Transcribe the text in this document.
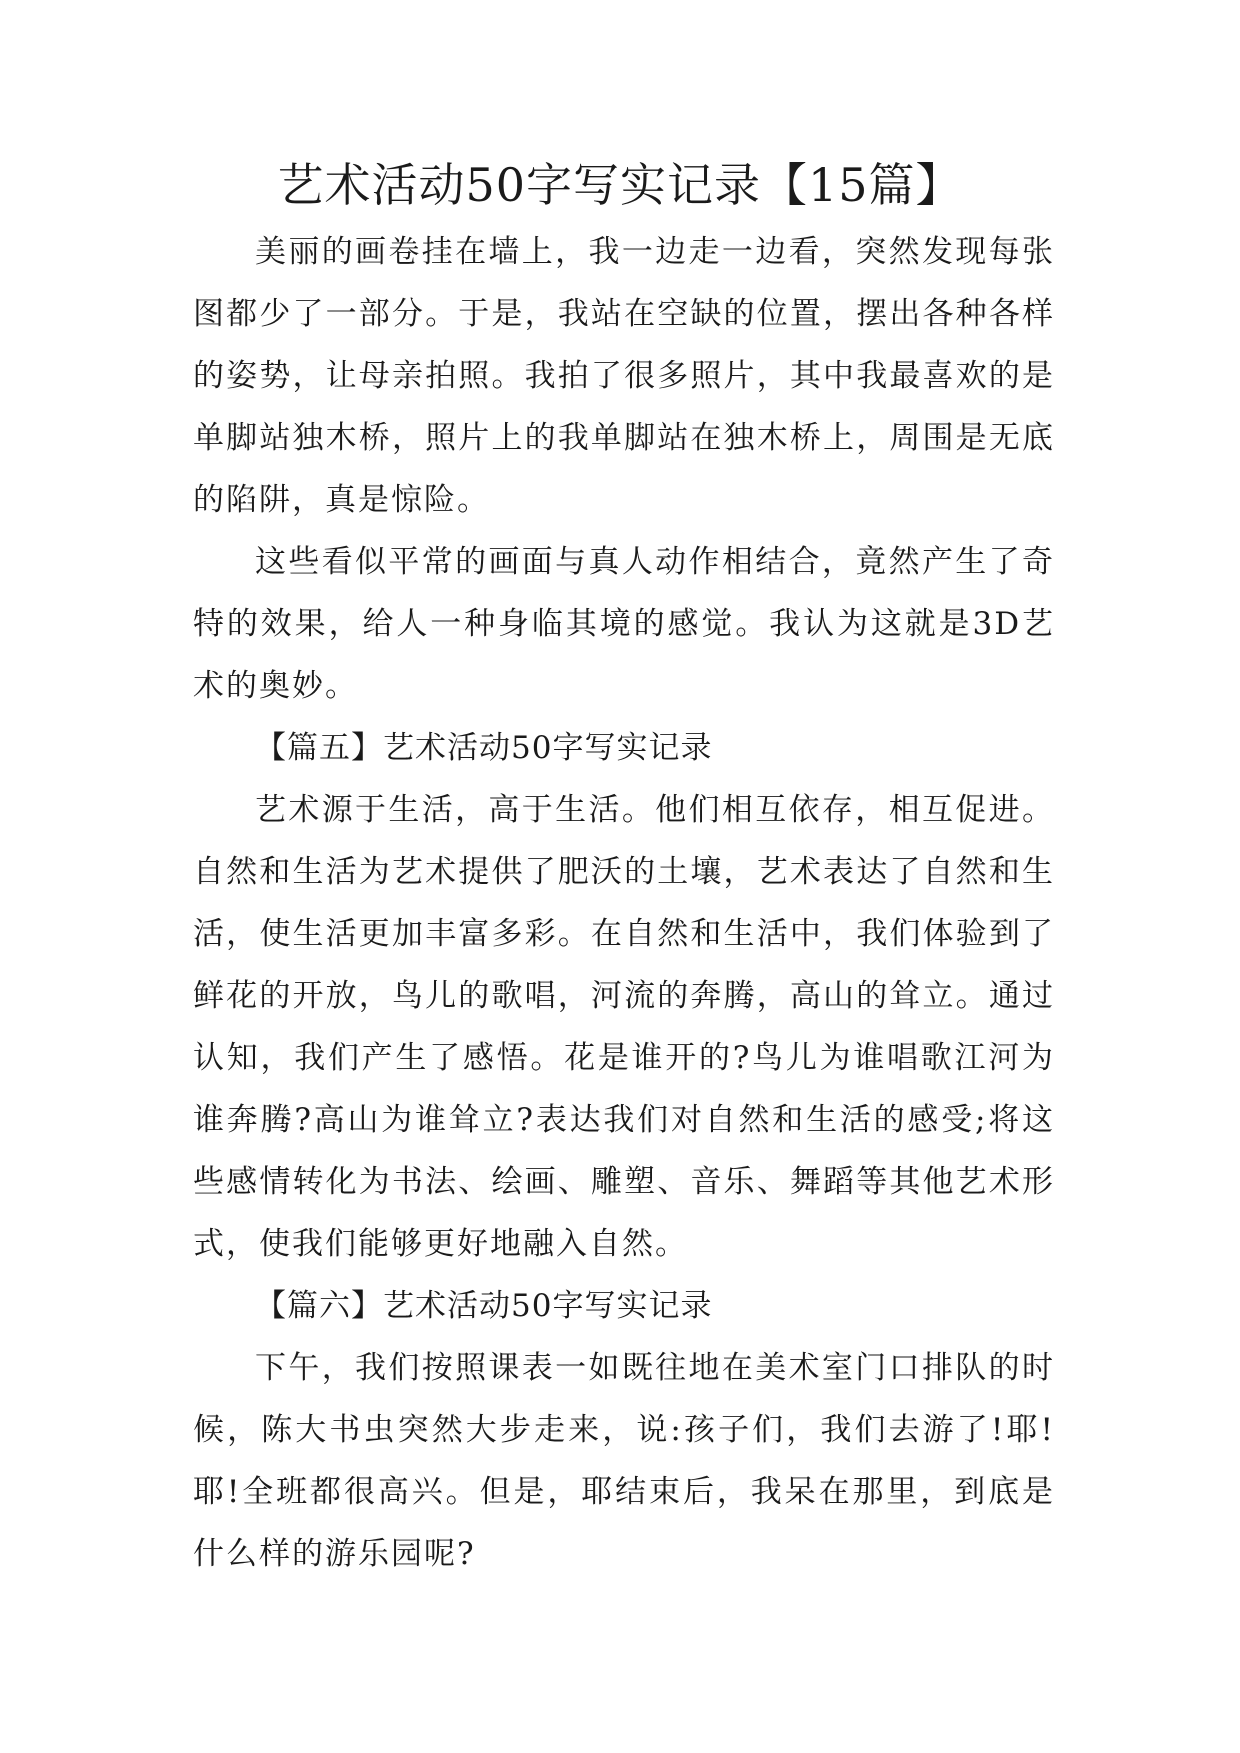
艺术活动50字写实记录【15篇】

美丽的画卷挂在墙上，我一边走一边看，突然发现每张图都少了一部分。于是，我站在空缺的位置，摆出各种各样的姿势，让母亲拍照。我拍了很多照片，其中我最喜欢的是单脚站独木桥，照片上的我单脚站在独木桥上，周围是无底的陷阱，真是惊险。

这些看似平常的画面与真人动作相结合，竟然产生了奇特的效果，给人一种身临其境的感觉。我认为这就是3D艺术的奥妙。

【篇五】艺术活动50字写实记录

艺术源于生活，高于生活。他们相互依存，相互促进。自然和生活为艺术提供了肥沃的土壤，艺术表达了自然和生活，使生活更加丰富多彩。在自然和生活中，我们体验到了鲜花的开放，鸟儿的歌唱，河流的奔腾，高山的耸立。通过认知，我们产生了感悟。花是谁开的?鸟儿为谁唱歌江河为谁奔腾?高山为谁耸立?表达我们对自然和生活的感受;将这些感情转化为书法、绘画、雕塑、音乐、舞蹈等其他艺术形式，使我们能够更好地融入自然。

【篇六】艺术活动50字写实记录

下午，我们按照课表一如既往地在美术室门口排队的时候，陈大书虫突然大步走来，说:孩子们，我们去游了!耶!耶!全班都很高兴。但是，耶结束后，我呆在那里，到底是什么样的游乐园呢?
